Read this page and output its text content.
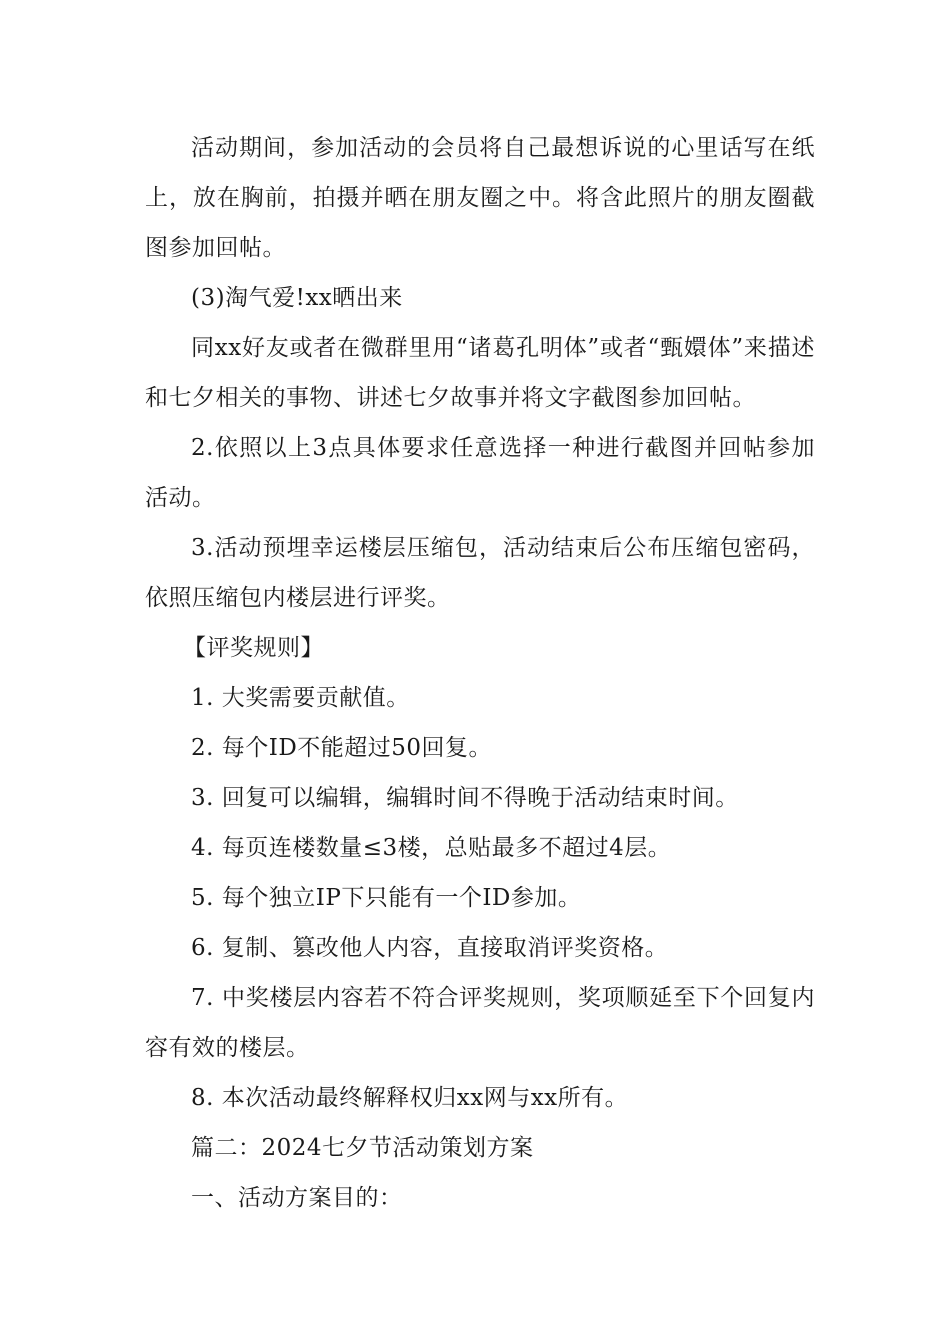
活动期间，参加活动的会员将自己最想诉说的心里话写在纸上，放在胸前，拍摄并晒在朋友圈之中。将含此照片的朋友圈截图参加回帖。

(3)淘气爱!xx晒出来

同xx好友或者在微群里用“诸葛孔明体”或者“甄嬛体”来描述和七夕相关的事物、讲述七夕故事并将文字截图参加回帖。

2.依照以上3点具体要求任意选择一种进行截图并回帖参加活动。

3.活动预埋幸运楼层压缩包，活动结束后公布压缩包密码，依照压缩包内楼层进行评奖。

【评奖规则】

1. 大奖需要贡献值。

2. 每个ID不能超过50回复。

3. 回复可以编辑，编辑时间不得晚于活动结束时间。

4. 每页连楼数量≤3楼，总贴最多不超过4层。

5. 每个独立IP下只能有一个ID参加。

6. 复制、篡改他人内容，直接取消评奖资格。

7. 中奖楼层内容若不符合评奖规则，奖项顺延至下个回复内容有效的楼层。

8. 本次活动最终解释权归xx网与xx所有。

篇二：2024七夕节活动策划方案

一、活动方案目的：
